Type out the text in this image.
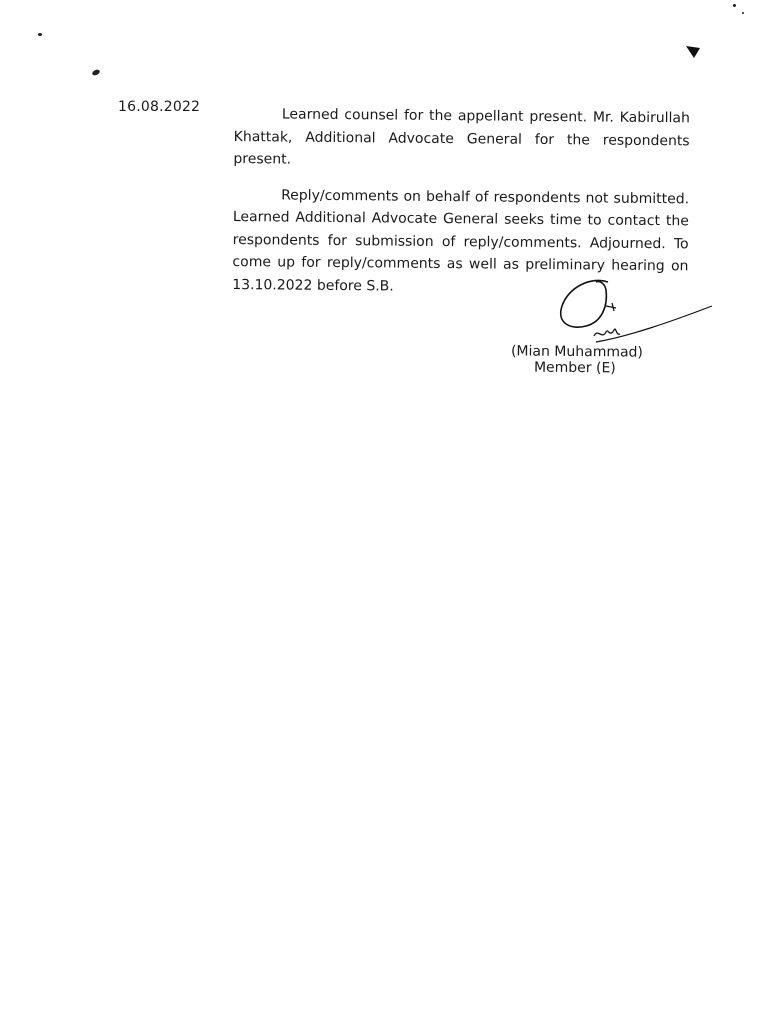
16.08.2022	Learned counsel for the appellant present. Mr. Kabirullah Khattak, Additional Advocate General for the respondents present.

Reply/comments on behalf of respondents not submitted. Learned Additional Advocate General seeks time to contact the respondents for submission of reply/comments. Adjourned. To come up for reply/comments as well as preliminary hearing on 13.10.2022 before S.B.

(Mian Muhammad)
Member (E)
